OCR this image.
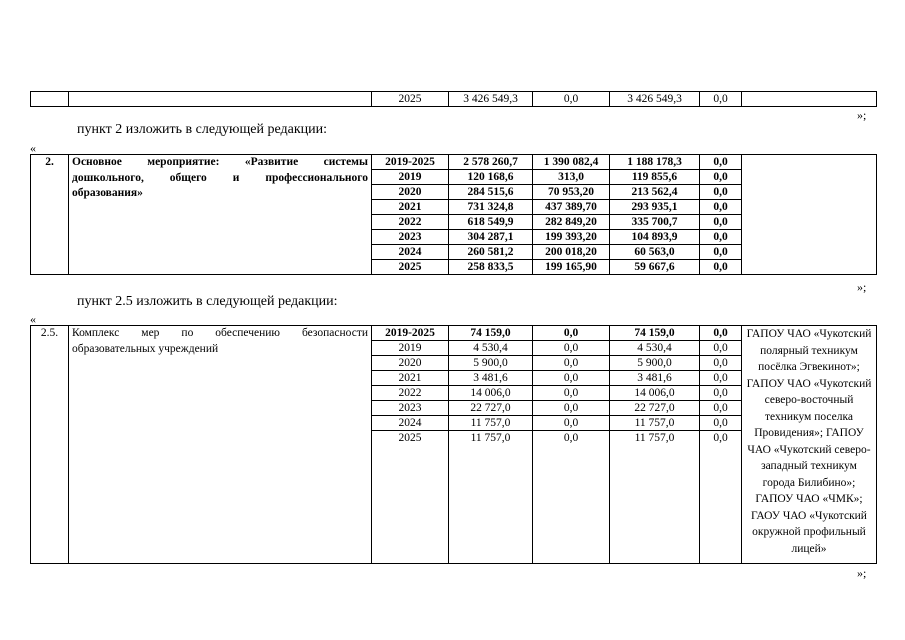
		2025	3 426 549,3	0,0	3 426 549,3	0,0	
»;
пункт 2 изложить в следующей редакции:
«
2.	Основное мероприятие: «Развитие системы дошкольного, общего и профессионального образования»	2019-2025	2 578 260,7	1 390 082,4	1 188 178,3	0,0	
		2019	120 168,6	313,0	119 855,6	0,0	
		2020	284 515,6	70 953,20	213 562,4	0,0	
		2021	731 324,8	437 389,70	293 935,1	0,0	
		2022	618 549,9	282 849,20	335 700,7	0,0	
		2023	304 287,1	199 393,20	104 893,9	0,0	
		2024	260 581,2	200 018,20	60 563,0	0,0	
		2025	258 833,5	199 165,90	59 667,6	0,0	
»;
пункт 2.5 изложить в следующей редакции:
«
2.5.	Комплекс мер по обеспечению безопасности образовательных учреждений	2019-2025	74 159,0	0,0	74 159,0	0,0	ГАПОУ ЧАО «Чукотский полярный техникум посёлка Эгвекинот»; ГАПОУ ЧАО «Чукотский северо-восточный техникум поселка Провидения»; ГАПОУ ЧАО «Чукотский северо-западный техникум города Билибино»; ГАПОУ ЧАО «ЧМК»; ГАОУ ЧАО «Чукотский окружной профильный лицей»
		2019	4 530,4	0,0	4 530,4	0,0	
		2020	5 900,0	0,0	5 900,0	0,0	
		2021	3 481,6	0,0	3 481,6	0,0	
		2022	14 006,0	0,0	14 006,0	0,0	
		2023	22 727,0	0,0	22 727,0	0,0	
		2024	11 757,0	0,0	11 757,0	0,0	
		2025	11 757,0	0,0	11 757,0	0,0	
»;
